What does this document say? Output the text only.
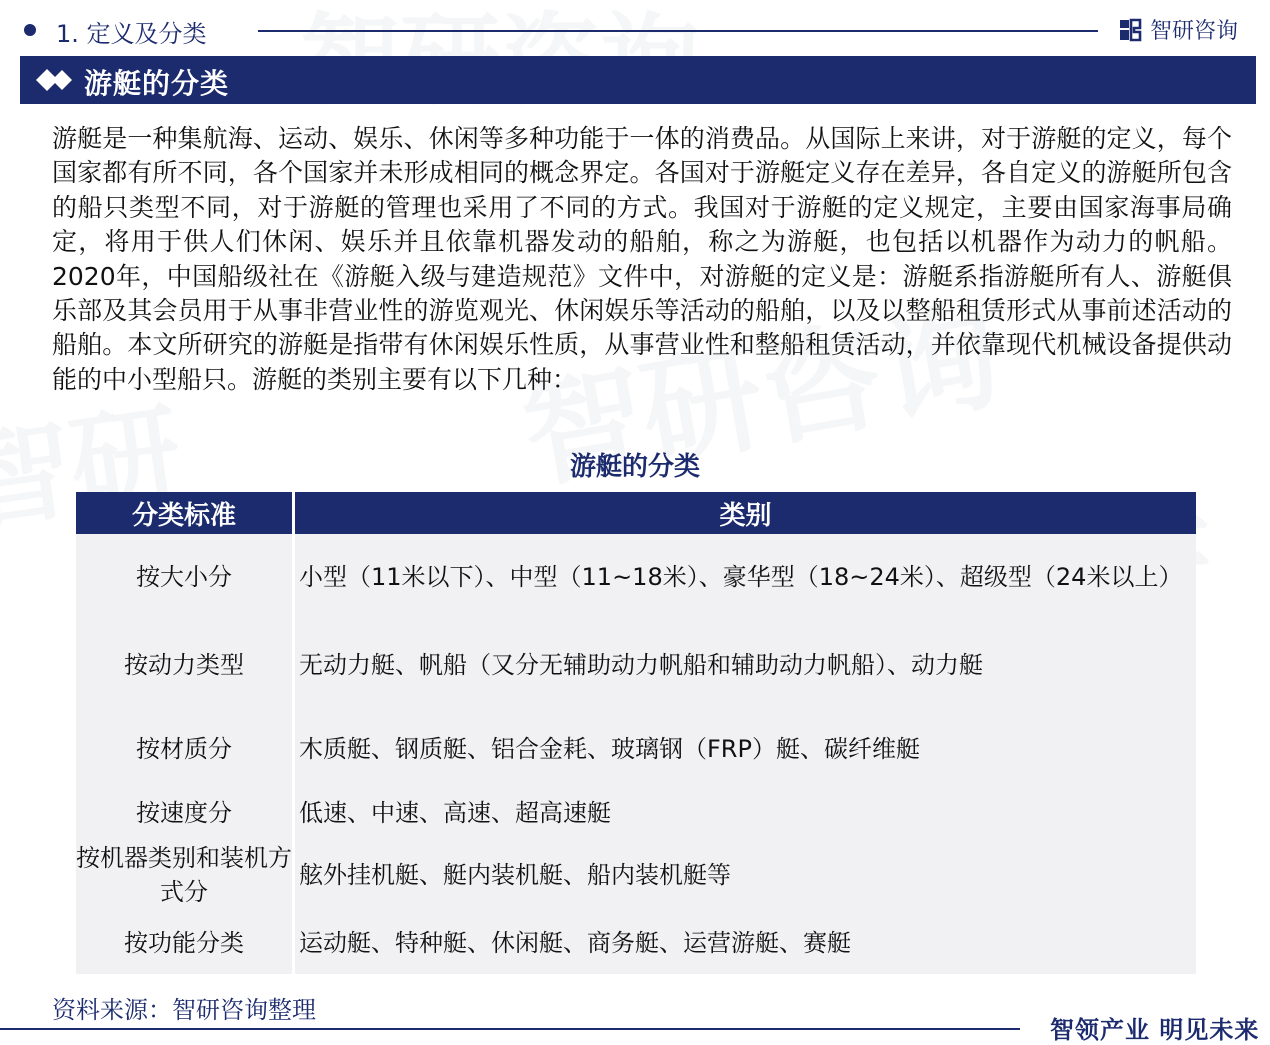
1. 定义及分类	智研咨询
游艇的分类

游艇是一种集航海、运动、娱乐、休闲等多种功能于一体的消费品。从国际上来讲，对于游艇的定义，每个国家都有所不同，各个国家并未形成相同的概念界定。各国对于游艇定义存在差异，各自定义的游艇所包含的船只类型不同，对于游艇的管理也采用了不同的方式。我国对于游艇的定义规定，主要由国家海事局确定，将用于供人们休闲、娱乐并且依靠机器发动的船舶，称之为游艇，也包括以机器作为动力的帆船。2020年，中国船级社在《游艇入级与建造规范》文件中，对游艇的定义是：游艇系指游艇所有人、游艇俱乐部及其会员用于从事非营业性的游览观光、休闲娱乐等活动的船舶，以及以整船租赁形式从事前述活动的船舶。本文所研究的游艇是指带有休闲娱乐性质，从事营业性和整船租赁活动，并依靠现代机械设备提供动能的中小型船只。游艇的类别主要有以下几种：

游艇的分类
分类标准	类别
按大小分	小型（11米以下）、中型（11~18米）、豪华型（18~24米）、超级型（24米以上）
按动力类型	无动力艇、帆船（又分无辅助动力帆船和辅助动力帆船）、动力艇
按材质分	木质艇、钢质艇、铝合金耗、玻璃钢（FRP）艇、碳纤维艇
按速度分	低速、中速、高速、超高速艇
按机器类别和装机方式分	舷外挂机艇、艇内装机艇、船内装机艇等
按功能分类	运动艇、特种艇、休闲艇、商务艇、运营游艇、赛艇
资料来源：智研咨询整理
智领产业 明见未来
